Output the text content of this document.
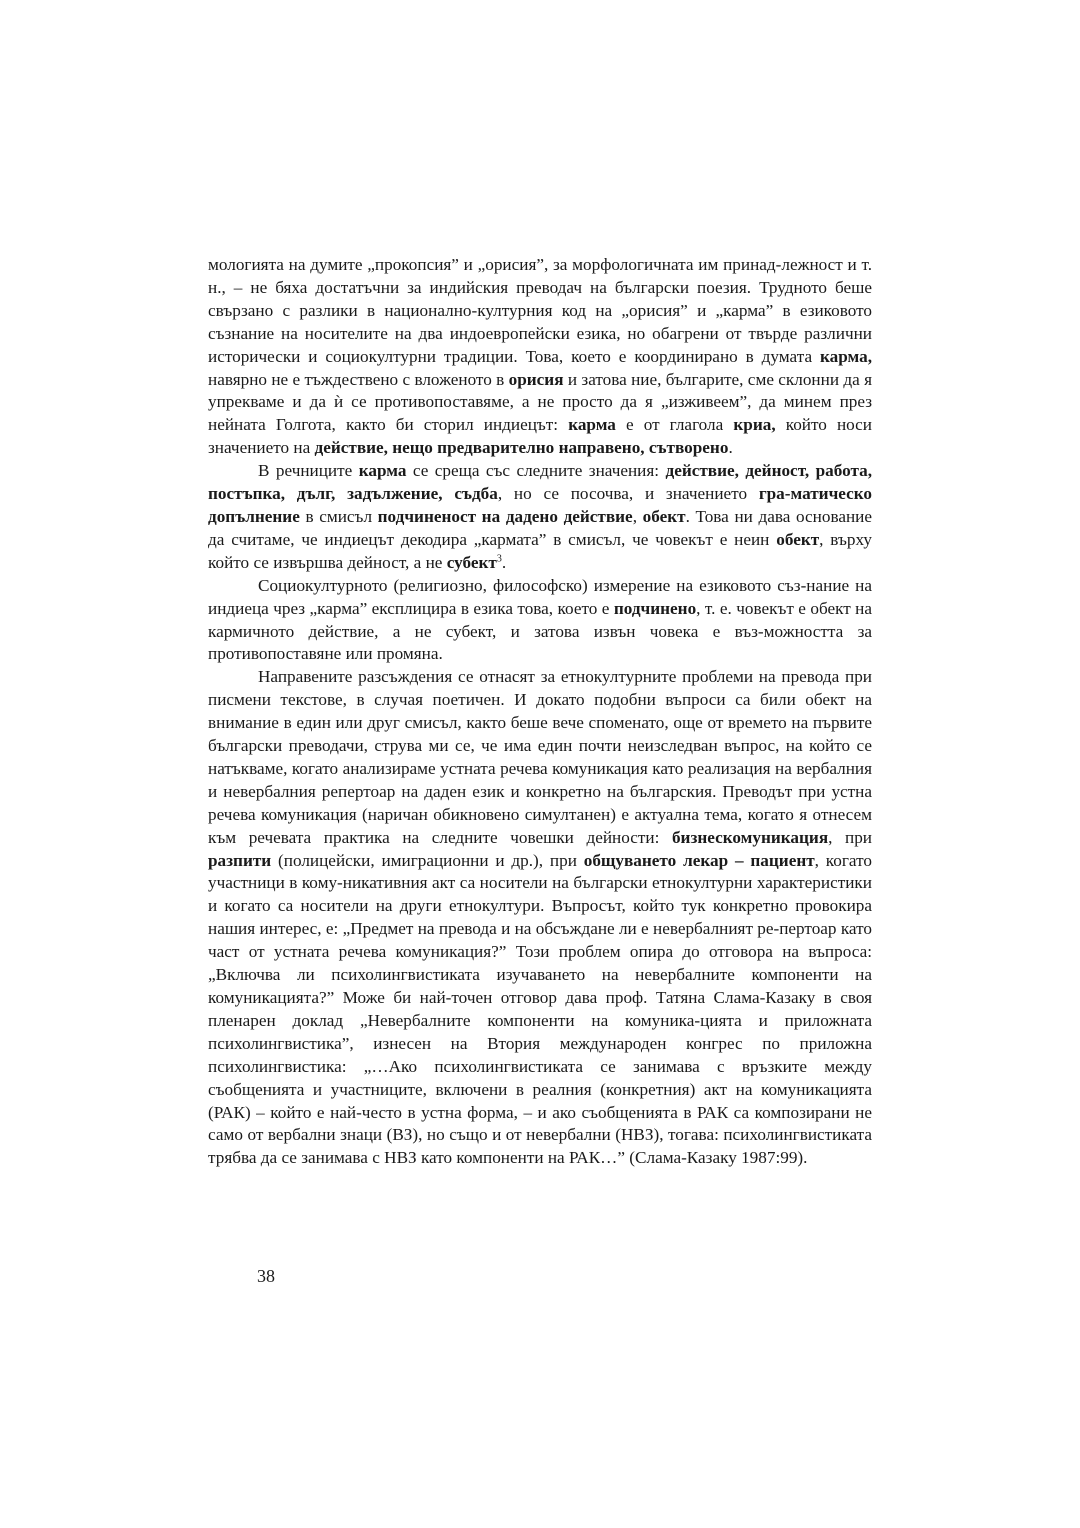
мологията на думите „прокопсия” и „орисия”, за морфологичната им принад-лежност и т. н., – не бяха достатъчни за индийския преводач на български поезия. Трудното беше свързано с разлики в национално-културния код на „орисия” и „карма” в езиковото съзнание на носителите на два индоевропейски езика, но обагрени от твърде различни исторически и социокултурни традиции. Това, което е координирано в думата карма, навярно не е тъждествено с вложеното в орисия и затова ние, българите, сме склонни да я упрекваме и да ѝ се противопоставяме, а не просто да я „изживеем”, да минем през нейната Голгота, както би сторил индиецът: карма е от глагола криа, който носи значението на действие, нещо предварително направено, сътворено.

В речниците карма се среща със следните значения: действие, дейност, работа, постъпка, дълг, задължение, съдба, но се посочва, и значението гра-матическо допълнение в смисъл подчиненост на дадено действие, обект. Това ни дава основание да считаме, че индиецът декодира „кармата” в смисъл, че човекът е неин обект, върху който се извършва дейност, а не субект$^3$.

Социокултурното (религиозно, философско) измерение на езиковото съз-нание на индиеца чрез „карма” експлицира в езика това, което е подчинено, т. е. човекът е обект на кармичното действие, а не субект, и затова извън човека е въз-можността за противопоставяне или промяна.

Направените разсъждения се отнасят за етнокултурните проблеми на превода при писмени текстове, в случая поетичен. И докато подобни въпроси са били обект на внимание в един или друг смисъл, както беше вече споменато, още от времето на първите български преводачи, струва ми се, че има един почти неизследван въпрос, на който се натъкваме, когато анализираме устната речева комуникация като реализация на вербалния и невербалния репертоар на даден език и конкретно на българския. Преводът при устна речева комуникация (наричан обикновено симултанен) е актуална тема, когато я отнесем към речевата практика на следните човешки дейности: бизнескомуникация, при разпити (полицейски, имиграционни и др.), при общуването лекар – пациент, когато участници в кому-никативния акт са носители на български етнокултурни характеристики и когато са носители на други етнокултури. Въпросът, който тук конкретно провокира нашия интерес, е: „Предмет на превода и на обсъждане ли е невербалният ре-пертоар като част от устната речева комуникация?” Този проблем опира до отговора на въпроса: „Включва ли психолингвистиката изучаването на невербалните компоненти на комуникацията?” Може би най-точен отговор дава проф. Татяна Слама-Казаку в своя пленарен доклад „Невербалните компоненти на комуника-цията и приложната психолингвистика”, изнесен на Втория международен конгрес по приложна психолингвистика: „…Ако психолингвистиката се занимава с връзките между съобщенията и участниците, включени в реалния (конкретния) акт на комуникацията (РАК) – който е най-често в устна форма, – и ако съобщенията в РАК са композирани не само от вербални знаци (ВЗ), но също и от невербални (НВЗ), тогава: психолингвистиката трябва да се занимава с НВЗ като компоненти на РАК…” (Слама-Казаку 1987:99).

38
